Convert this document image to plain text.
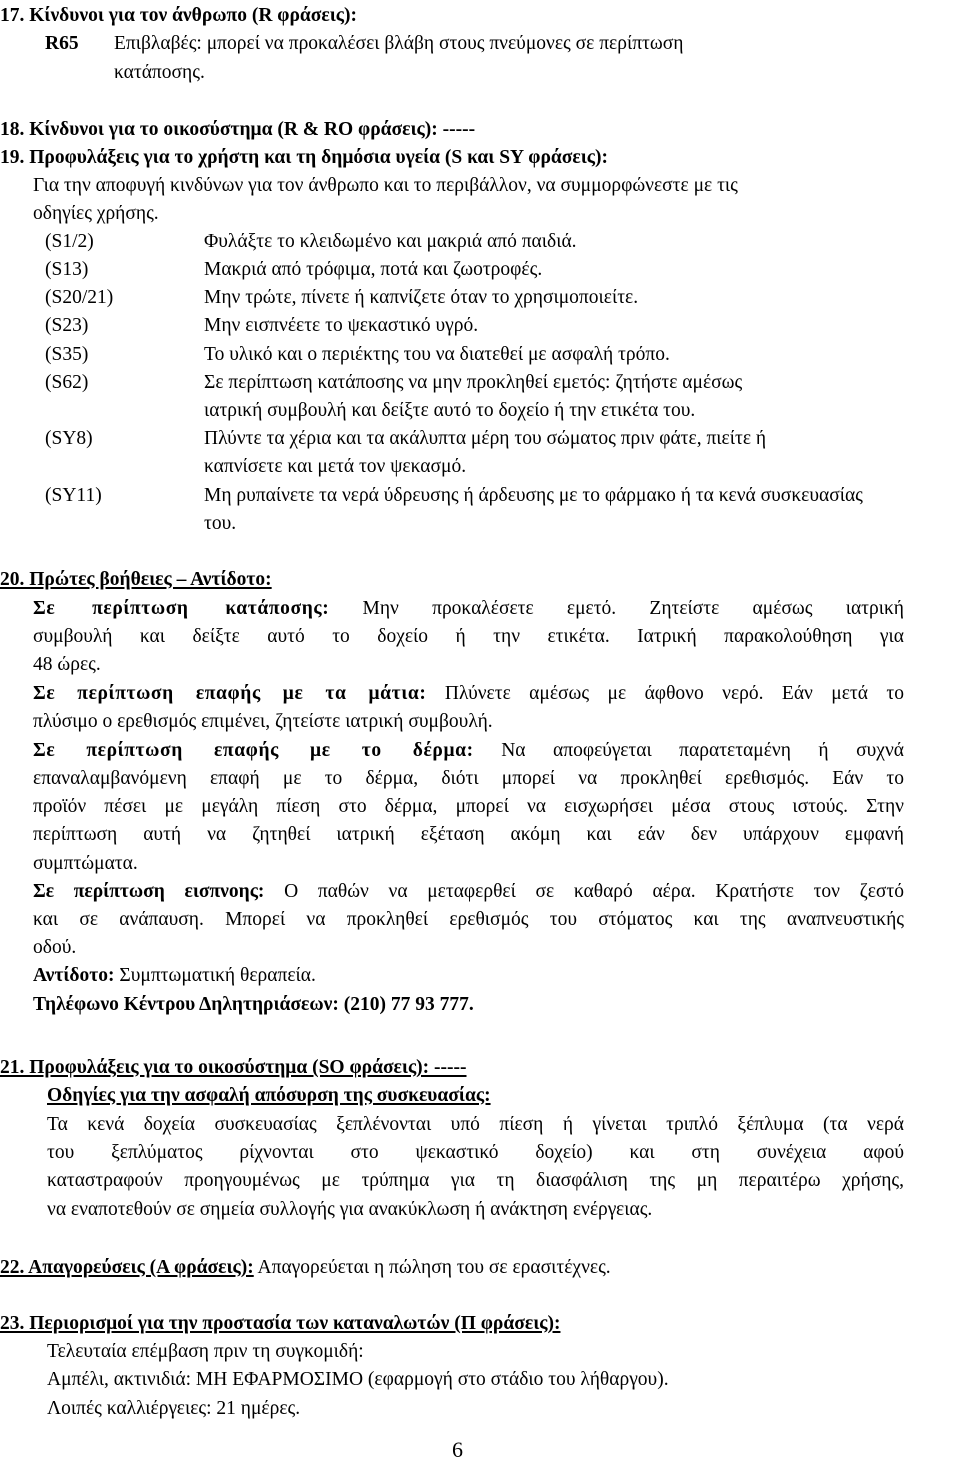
17. Κίνδυνοι για τον άνθρωπο (R φράσεις):
R65 Επιβλαβές: μπορεί να προκαλέσει βλάβη στους πνεύμονες σε περίπτωση
κατάποσης.
18. Κίνδυνοι για το οικοσύστημα (R & RO φράσεις): -----
19. Προφυλάξεις για το χρήστη και τη δημόσια υγεία (S και SY φράσεις):
Για την αποφυγή κινδύνων για τον άνθρωπο και το περιβάλλον, να συμμορφώνεστε με τις
οδηγίες χρήσης.
(S1/2)	Φυλάξτε το κλειδωμένο και μακριά από παιδιά.
(S13)	Μακριά από τρόφιμα, ποτά και ζωοτροφές.
(S20/21)	Μην τρώτε, πίνετε ή καπνίζετε όταν το χρησιμοποιείτε.
(S23)	Μην εισπνέετε το ψεκαστικό υγρό.
(S35)	Το υλικό και ο περιέκτης του να διατεθεί με ασφαλή τρόπο.
(S62)	Σε περίπτωση κατάποσης να μην προκληθεί εμετός: ζητήστε αμέσως
ιατρική συμβουλή και δείξτε αυτό το δοχείο ή την ετικέτα του.
(SY8)	Πλύντε τα χέρια και τα ακάλυπτα μέρη του σώματος πριν φάτε, πιείτε ή
καπνίσετε και μετά τον ψεκασμό.
(SY11)	Μη ρυπαίνετε τα νερά ύδρευσης ή άρδευσης με το φάρμακο ή τα κενά συσκευασίας
του.
20. Πρώτες βοήθειες – Αντίδοτο:
Σε περίπτωση κατάποσης: Μην προκαλέσετε εμετό. Ζητείστε αμέσως ιατρική
συμβουλή και δείξτε αυτό το δοχείο ή την ετικέτα. Ιατρική παρακολούθηση για
48 ώρες.
Σε περίπτωση επαφής με τα μάτια: Πλύνετε αμέσως με άφθονο νερό. Εάν μετά το
πλύσιμο ο ερεθισμός επιμένει, ζητείστε ιατρική συμβουλή.
Σε περίπτωση επαφής με το δέρμα: Να αποφεύγεται παρατεταμένη ή συχνά
επαναλαμβανόμενη επαφή με το δέρμα, διότι μπορεί να προκληθεί ερεθισμός. Εάν το
προϊόν πέσει με μεγάλη πίεση στο δέρμα, μπορεί να εισχωρήσει μέσα στους ιστούς. Στην
περίπτωση αυτή να ζητηθεί ιατρική εξέταση ακόμη και εάν δεν υπάρχουν εμφανή
συμπτώματα.
Σε περίπτωση εισπνοης: Ο παθών να μεταφερθεί σε καθαρό αέρα. Κρατήστε τον ζεστό
και σε ανάπαυση. Μπορεί να προκληθεί ερεθισμός του στόματος και της αναπνευστικής
οδού.
Αντίδοτο: Συμπτωματική θεραπεία.
Τηλέφωνο Κέντρου Δηλητηριάσεων: (210) 77 93 777.
21. Προφυλάξεις για το οικοσύστημα (SO φράσεις): -----
Οδηγίες για την ασφαλή απόσυρση της συσκευασίας:
Τα κενά δοχεία συσκευασίας ξεπλένονται υπό πίεση ή γίνεται τριπλό ξέπλυμα (τα νερά
του ξεπλύματος ρίχνονται στο ψεκαστικό δοχείο) και στη συνέχεια αφού
καταστραφούν προηγουμένως με τρύπημα για τη διασφάλιση της μη περαιτέρω χρήσης,
να εναποτεθούν σε σημεία συλλογής για ανακύκλωση ή ανάκτηση ενέργειας.
22. Απαγορεύσεις (Α φράσεις): Απαγορεύεται η πώληση του σε ερασιτέχνες.
23. Περιορισμοί για την προστασία των καταναλωτών (Π φράσεις):
Τελευταία επέμβαση πριν τη συγκομιδή:
Αμπέλι, ακτινιδιά: ΜΗ ΕΦΑΡΜΟΣΙΜΟ (εφαρμογή στο στάδιο του λήθαργου).
Λοιπές καλλιέργειες: 21 ημέρες.
6
